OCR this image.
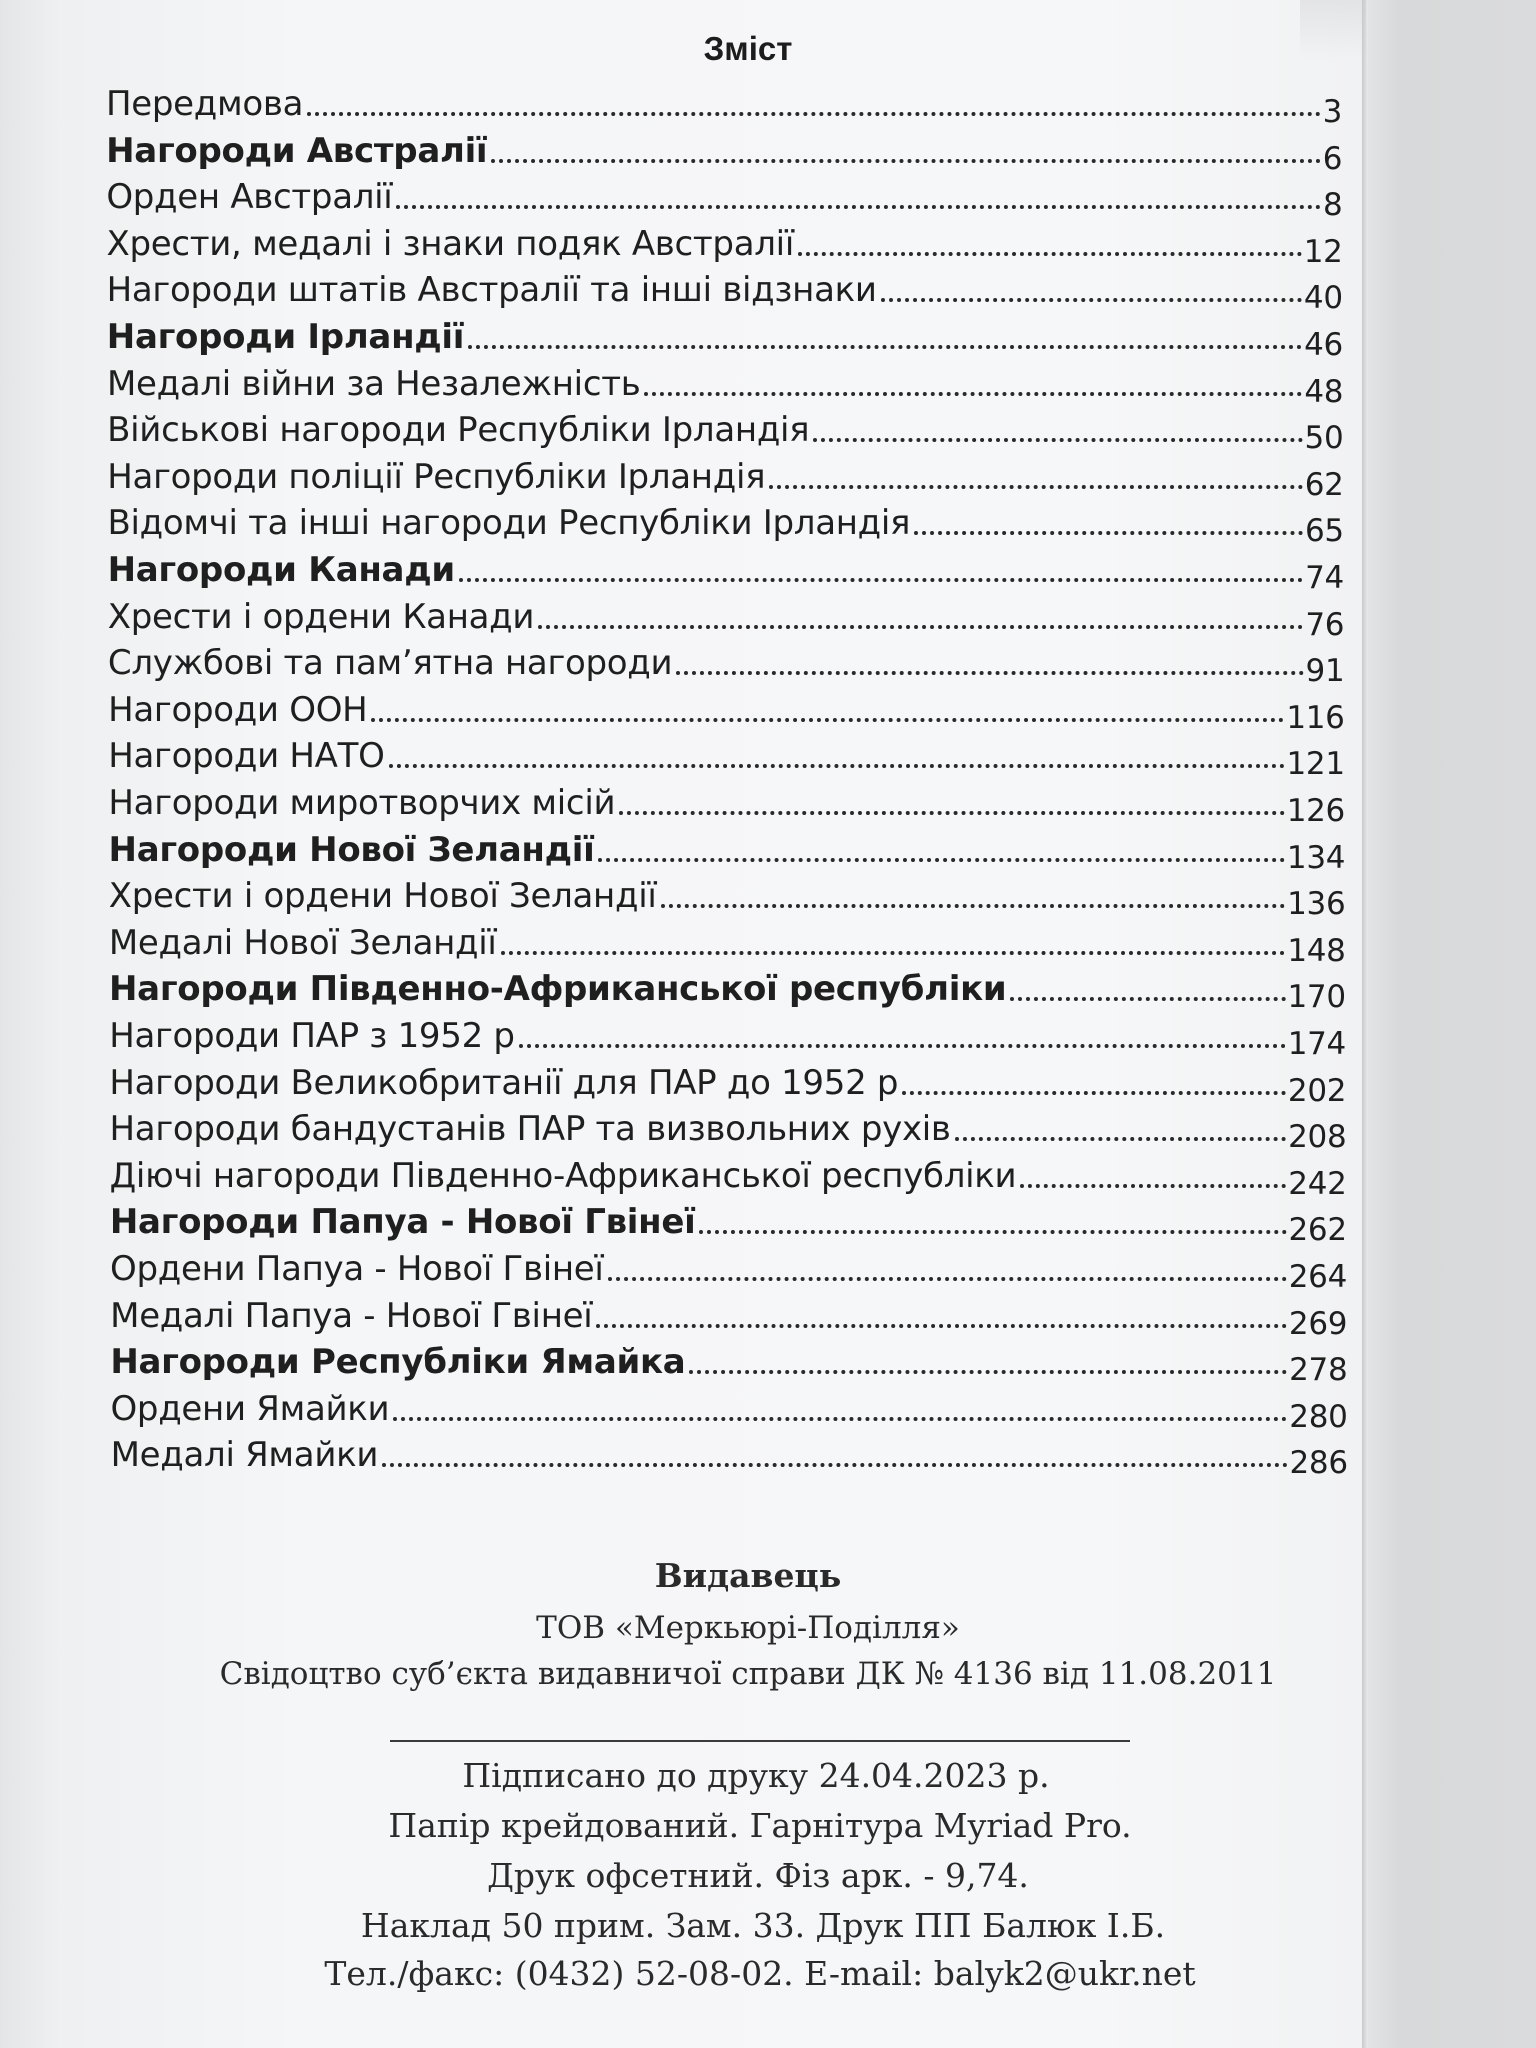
Зміст
Передмова	3
Нагороди Австралії	6
Орден Австралії	8
Хрести, медалі і знаки подяк Австралії	12
Нагороди штатів Австралії та інші відзнаки	40
Нагороди Ірландії	46
Медалі війни за Незалежність	48
Військові нагороди Республіки Ірландія	50
Нагороди поліції Республіки Ірландія	62
Відомчі та інші нагороди Республіки Ірландія	65
Нагороди Канади	74
Хрести і ордени Канади	76
Службові та пам’ятна нагороди	91
Нагороди ООН	116
Нагороди НАТО	121
Нагороди миротворчих місій	126
Нагороди Нової Зеландії	134
Хрести і ордени Нової Зеландії	136
Медалі Нової Зеландії	148
Нагороди Південно-Африканської республіки	170
Нагороди ПАР з 1952 р	174
Нагороди Великобританії для ПАР до 1952 р	202
Нагороди бандустанів ПАР та визвольних рухів	208
Діючі нагороди Південно-Африканської республіки	242
Нагороди Папуа - Нової Гвінеї	262
Ордени Папуа - Нової Гвінеї	264
Медалі Папуа - Нової Гвінеї	269
Нагороди Республіки Ямайка	278
Ордени Ямайки	280
Медалі Ямайки	286
Видавець
ТОВ «Меркьюрі-Поділля»
Свідоцтво суб’єкта видавничої справи ДК № 4136 від 11.08.2011
Підписано до друку 24.04.2023 р.
Папір крейдований. Гарнітура Myriad Pro.
Друк офсетний. Фіз арк. - 9,74.
Наклад 50 прим. Зам. 33. Друк ПП Балюк І.Б.
Тел./факс: (0432) 52-08-02. E-mail: balyk2@ukr.net
